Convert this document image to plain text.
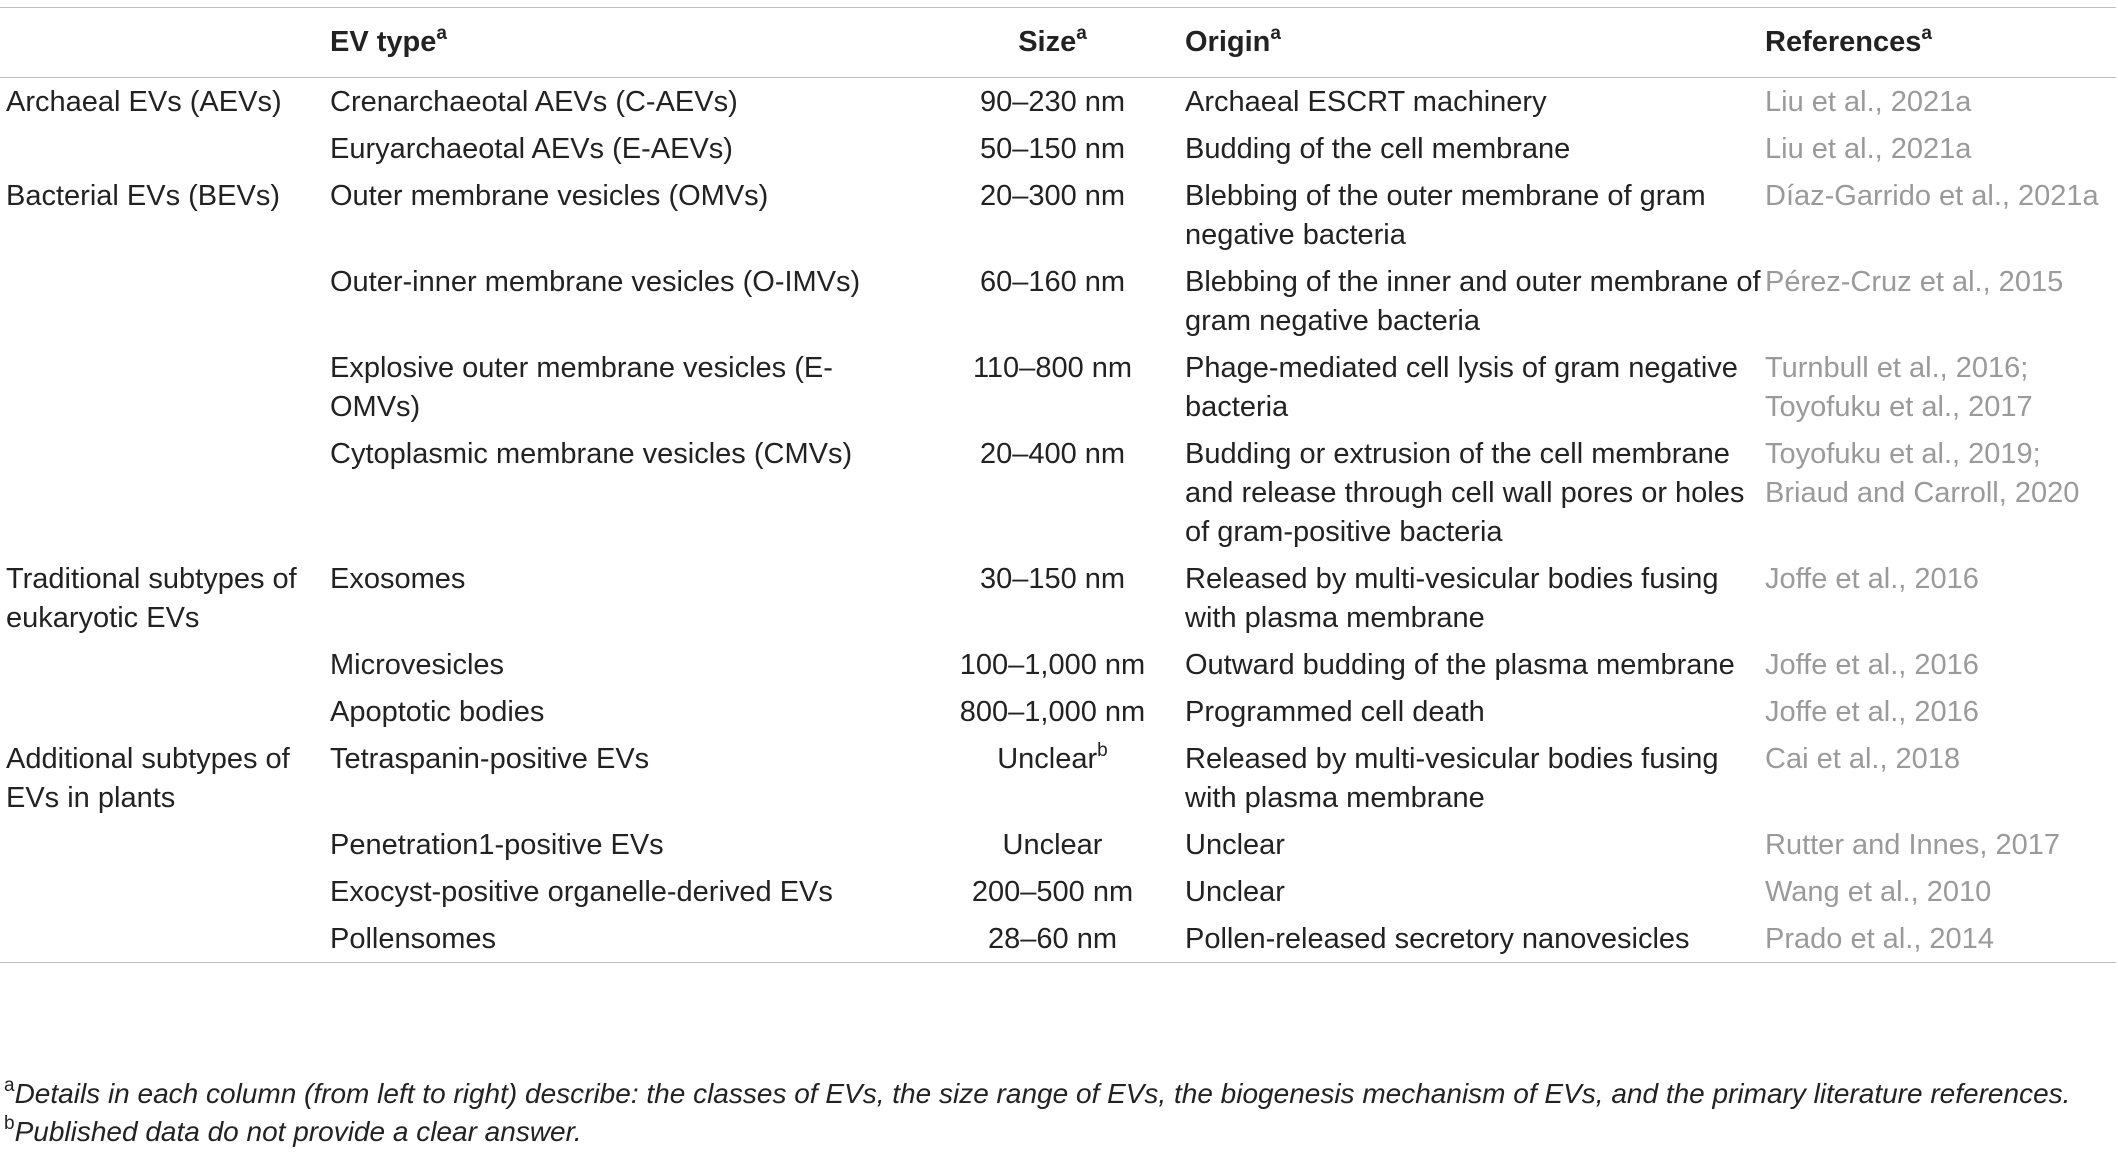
	EV type$^a$	Size$^a$	Origin$^a$	References$^a$
Archaeal EVs (AEVs)	Crenarchaeotal AEVs (C-AEVs)	90–230 nm	Archaeal ESCRT machinery	Liu et al., 2021a
	Euryarchaeotal AEVs (E-AEVs)	50–150 nm	Budding of the cell membrane	Liu et al., 2021a
Bacterial EVs (BEVs)	Outer membrane vesicles (OMVs)	20–300 nm	Blebbing of the outer membrane of gram negative bacteria	Díaz-Garrido et al., 2021a
	Outer-inner membrane vesicles (O-IMVs)	60–160 nm	Blebbing of the inner and outer membrane of gram negative bacteria	Pérez-Cruz et al., 2015
	Explosive outer membrane vesicles (E-OMVs)	110–800 nm	Phage-mediated cell lysis of gram negative bacteria	Turnbull et al., 2016; Toyofuku et al., 2017
	Cytoplasmic membrane vesicles (CMVs)	20–400 nm	Budding or extrusion of the cell membrane and release through cell wall pores or holes of gram-positive bacteria	Toyofuku et al., 2019; Briaud and Carroll, 2020
Traditional subtypes of eukaryotic EVs	Exosomes	30–150 nm	Released by multi-vesicular bodies fusing with plasma membrane	Joffe et al., 2016
	Microvesicles	100–1,000 nm	Outward budding of the plasma membrane	Joffe et al., 2016
	Apoptotic bodies	800–1,000 nm	Programmed cell death	Joffe et al., 2016
Additional subtypes of EVs in plants	Tetraspanin-positive EVs	Unclear$^b$	Released by multi-vesicular bodies fusing with plasma membrane	Cai et al., 2018
	Penetration1-positive EVs	Unclear	Unclear	Rutter and Innes, 2017
	Exocyst-positive organelle-derived EVs	200–500 nm	Unclear	Wang et al., 2010
	Pollensomes	28–60 nm	Pollen-released secretory nanovesicles	Prado et al., 2014
$^a$Details in each column (from left to right) describe: the classes of EVs, the size range of EVs, the biogenesis mechanism of EVs, and the primary literature references.
$^b$Published data do not provide a clear answer.
